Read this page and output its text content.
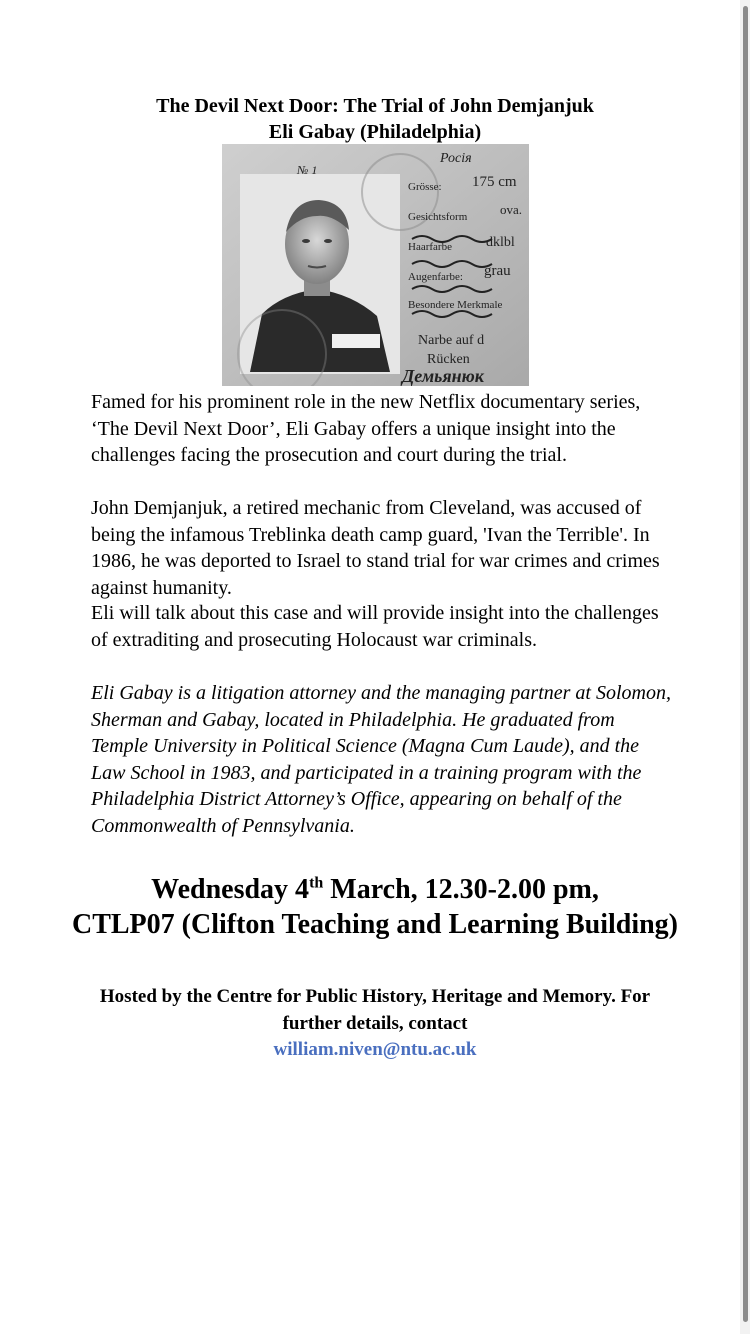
The Devil Next Door: The Trial of John Demjanjuk
Eli Gabay (Philadelphia)
№ 1
Росія
Grösse: 175 cm
Gesichtsform	ova.
Haarfarbe dklbl
Augenfarbe: grau
Besondere Merkmale
Narbe auf d
Rücken
Демьянюк

Famed for his prominent role in the new Netflix documentary series, ‘The Devil Next Door’, Eli Gabay offers a unique insight into the challenges facing the prosecution and court during the trial.

John Demjanjuk, a retired mechanic from Cleveland, was accused of being the infamous Treblinka death camp guard, 'Ivan the Terrible'. In 1986, he was deported to Israel to stand trial for war crimes and crimes against humanity.

Eli will talk about this case and will provide insight into the challenges of extraditing and prosecuting Holocaust war criminals.

Eli Gabay is a litigation attorney and the managing partner at Solomon, Sherman and Gabay, located in Philadelphia. He graduated from Temple University in Political Science (Magna Cum Laude), and the Law School in 1983, and participated in a training program with the Philadelphia District Attorney’s Office, appearing on behalf of the Commonwealth of Pennsylvania.

Wednesday 4th March, 12.30-2.00 pm,
CTLP07 (Clifton Teaching and Learning Building)
Hosted by the Centre for Public History, Heritage and Memory. For further details, contact
william.niven@ntu.ac.uk
